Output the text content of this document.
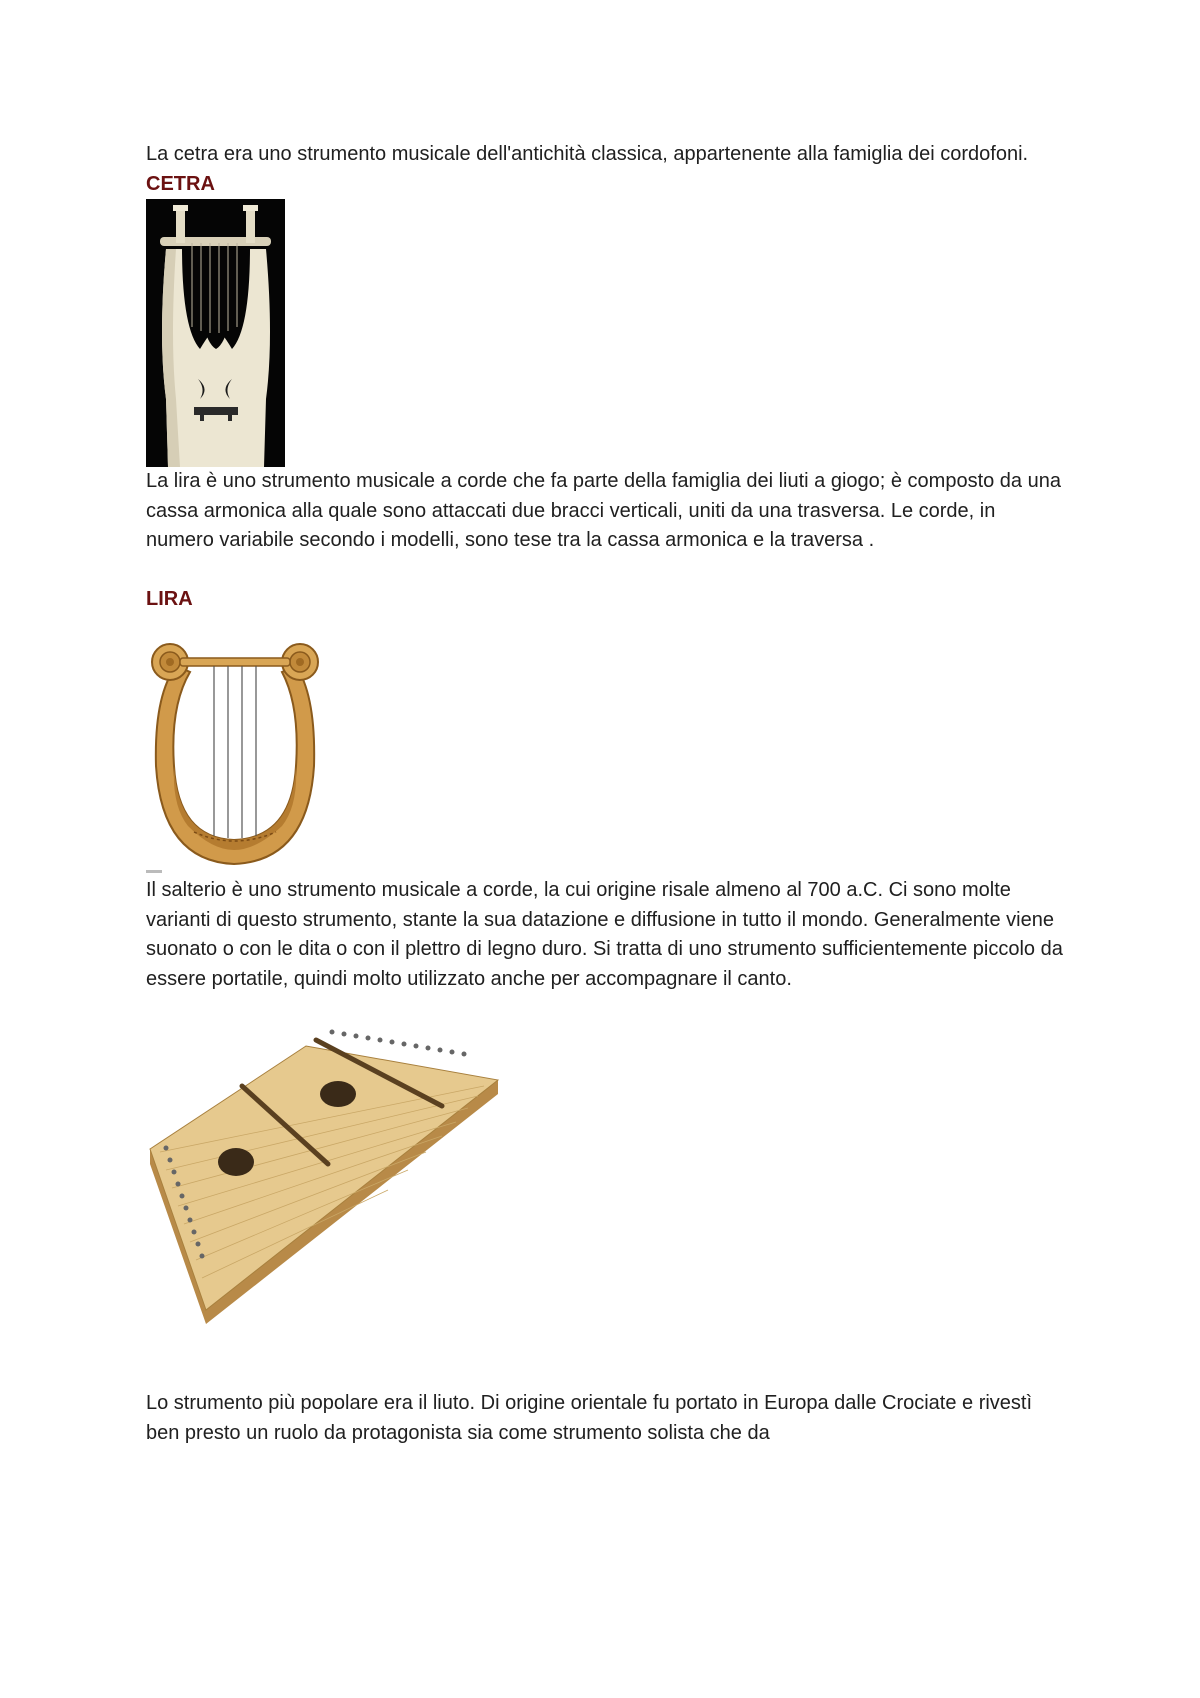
La cetra era uno strumento musicale dell'antichità classica, appartenente alla famiglia dei cordofoni.

CETRA

La lira è uno strumento musicale a corde che fa parte della famiglia dei liuti a giogo; è composto da una cassa armonica alla quale sono attaccati due bracci verticali, uniti da una trasversa. Le corde, in numero variabile secondo i modelli, sono tese tra la cassa armonica e la traversa .

LIRA

Il salterio è uno strumento musicale a corde, la cui origine risale almeno al 700 a.C. Ci sono molte varianti di questo strumento, stante la sua datazione e diffusione in tutto il mondo. Generalmente viene suonato o con le dita o con il plettro di legno duro. Si tratta di uno strumento sufficientemente piccolo da essere portatile, quindi molto utilizzato anche per accompagnare il canto.

Lo strumento più popolare era il liuto. Di origine orientale fu portato in Europa dalle Crociate e rivestì ben presto un ruolo da protagonista sia come strumento solista che da
